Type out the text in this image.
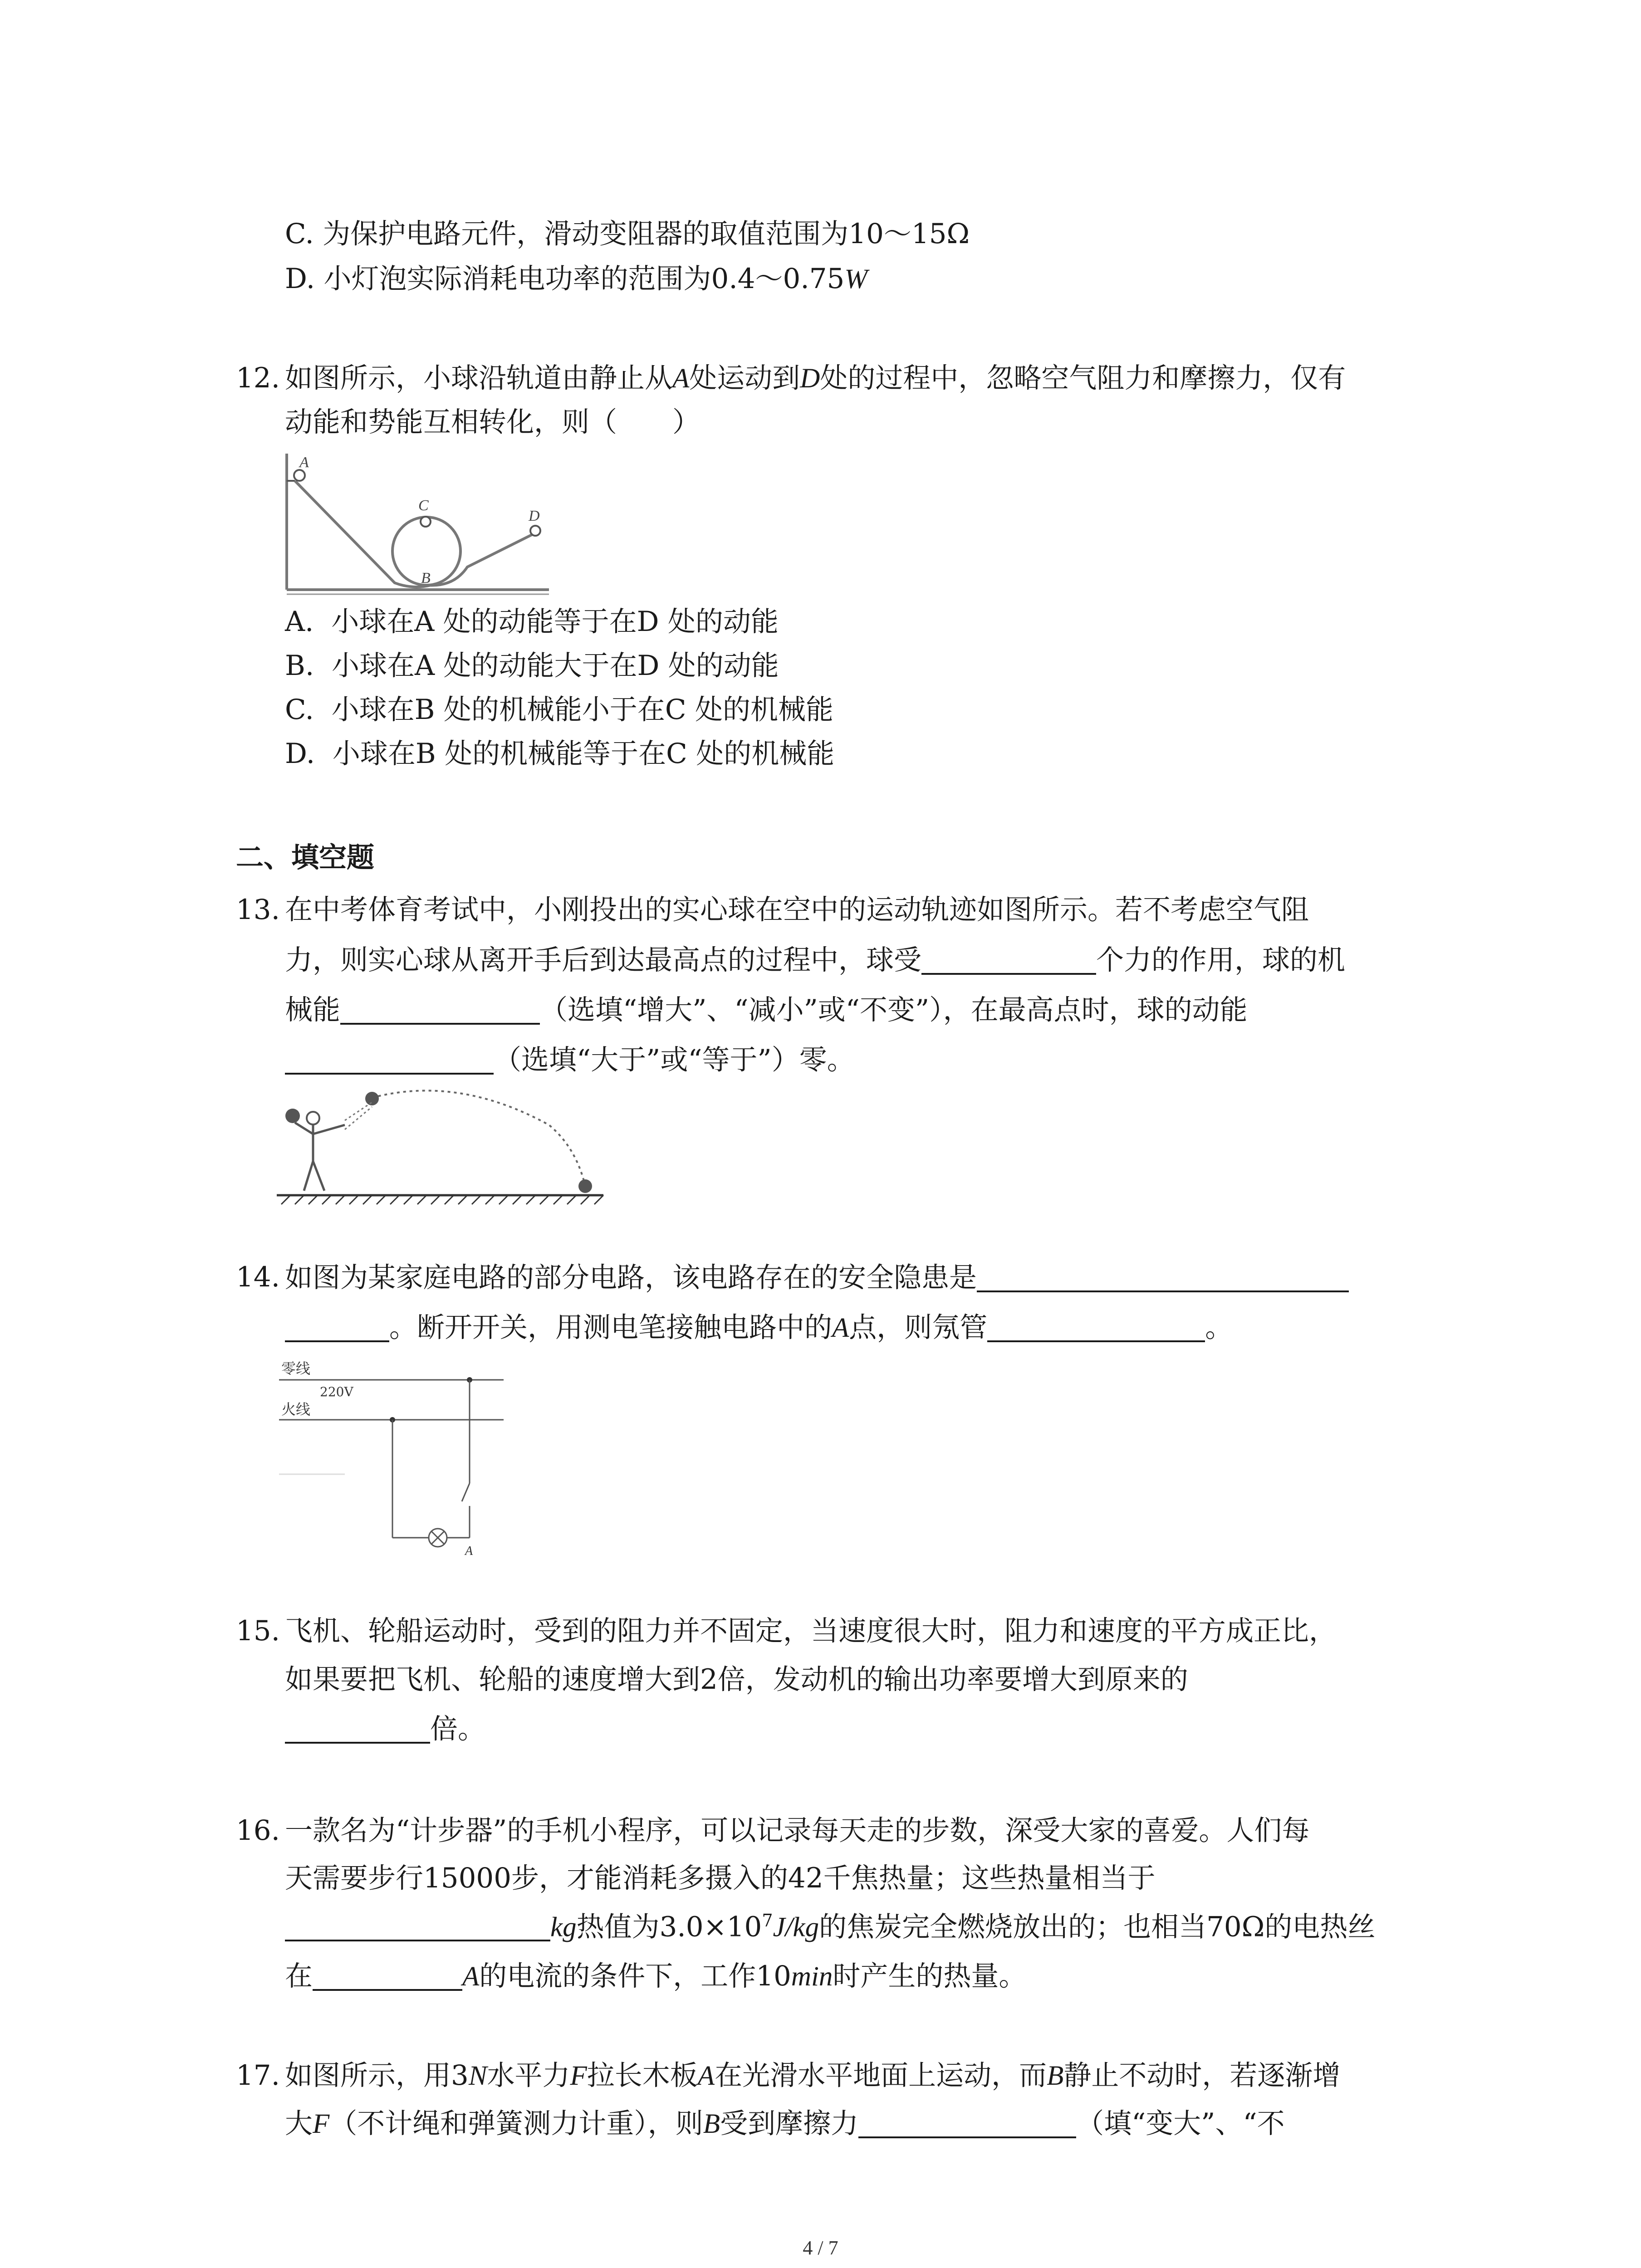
C. 为保护电路元件，滑动变阻器的取值范围为10～15Ω
D. 小灯泡实际消耗电功率的范围为0.4～0.75W
12. 如图所示，小球沿轨道由静止从A处运动到D处的过程中，忽略空气阻力和摩擦力，仅有
动能和势能互相转化，则（　　）
A
C
B
D
A. 小球在A 处的动能等于在D 处的动能
B. 小球在A 处的动能大于在D 处的动能
C. 小球在B 处的机械能小于在C 处的机械能
D. 小球在B 处的机械能等于在C 处的机械能
二、填空题
13. 在中考体育考试中，小刚投出的实心球在空中的运动轨迹如图所示。若不考虑空气阻
力，则实心球从离开手后到达最高点的过程中，球受	个力的作用，球的机
械能	（选填“增大”、“减小”或“不变”），在最高点时，球的动能
（选填“大于”或“等于”）零。
14. 如图为某家庭电路的部分电路，该电路存在的安全隐患是
。断开开关，用测电笔接触电路中的A点，则氖管	。
零线
火线
220V
A
15. 飞机、轮船运动时，受到的阻力并不固定，当速度很大时，阻力和速度的平方成正比，
如果要把飞机、轮船的速度增大到2倍，发动机的输出功率要增大到原来的
倍。
16. 一款名为“计步器”的手机小程序，可以记录每天走的步数，深受大家的喜爱。人们每
天需要步行15000步，才能消耗多摄入的42千焦热量；这些热量相当于
kg热值为$3.0\times 10^7J/kg$的焦炭完全燃烧放出的；也相当70Ω的电热丝
在	A的电流的条件下，工作10min时产生的热量。
17. 如图所示，用3N水平力F拉长木板A在光滑水平地面上运动，而B静止不动时，若逐渐增
大F（不计绳和弹簧测力计重），则B受到摩擦力	（填“变大”、“不
4 / 7
